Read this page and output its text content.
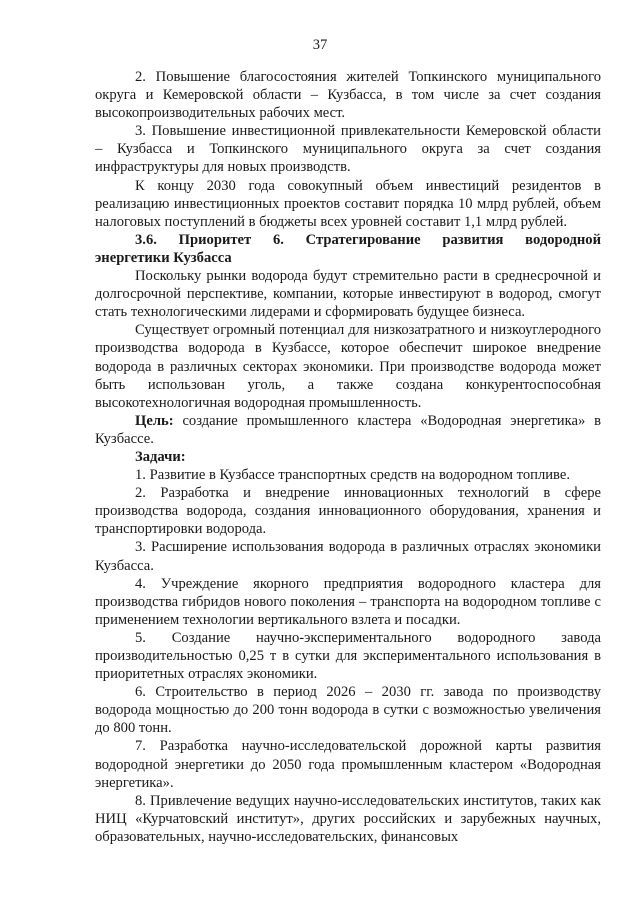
37

2. Повышение благосостояния жителей Топкинского муниципального округа и Кемеровской области – Кузбасса, в том числе за счет создания высокопроизводительных рабочих мест.

3. Повышение инвестиционной привлекательности Кемеровской области – Кузбасса и Топкинского муниципального округа за счет создания инфраструктуры для новых производств.

К концу 2030 года совокупный объем инвестиций резидентов в реализацию инвестиционных проектов составит порядка 10 млрд рублей, объем налоговых поступлений в бюджеты всех уровней составит 1,1 млрд рублей.

3.6. Приоритет 6. Стратегирование развития водородной энергетики Кузбасса

Поскольку рынки водорода будут стремительно расти в среднесрочной и долгосрочной перспективе, компании, которые инвестируют в водород, смогут стать технологическими лидерами и сформировать будущее бизнеса.

Существует огромный потенциал для низкозатратного и низкоуглеродного производства водорода в Кузбассе, которое обеспечит широкое внедрение водорода в различных секторах экономики. При производстве водорода может быть использован уголь, а также создана конкурентоспособная высокотехнологичная водородная промышленность.

Цель: создание промышленного кластера «Водородная энергетика» в Кузбассе.

Задачи:

1. Развитие в Кузбассе транспортных средств на водородном топливе.

2. Разработка и внедрение инновационных технологий в сфере производства водорода, создания инновационного оборудования, хранения и транспортировки водорода.

3. Расширение использования водорода в различных отраслях экономики Кузбасса.

4. Учреждение якорного предприятия водородного кластера для производства гибридов нового поколения – транспорта на водородном топливе с применением технологии вертикального взлета и посадки.

5. Создание научно-экспериментального водородного завода производительностью 0,25 т в сутки для экспериментального использования в приоритетных отраслях экономики.

6. Строительство в период 2026 – 2030 гг. завода по производству водорода мощностью до 200 тонн водорода в сутки с возможностью увеличения до 800 тонн.

7. Разработка научно-исследовательской дорожной карты развития водородной энергетики до 2050 года промышленным кластером «Водородная энергетика».

8. Привлечение ведущих научно-исследовательских институтов, таких как НИЦ «Курчатовский институт», других российских и зарубежных научных, образовательных, научно-исследовательских, финансовых
